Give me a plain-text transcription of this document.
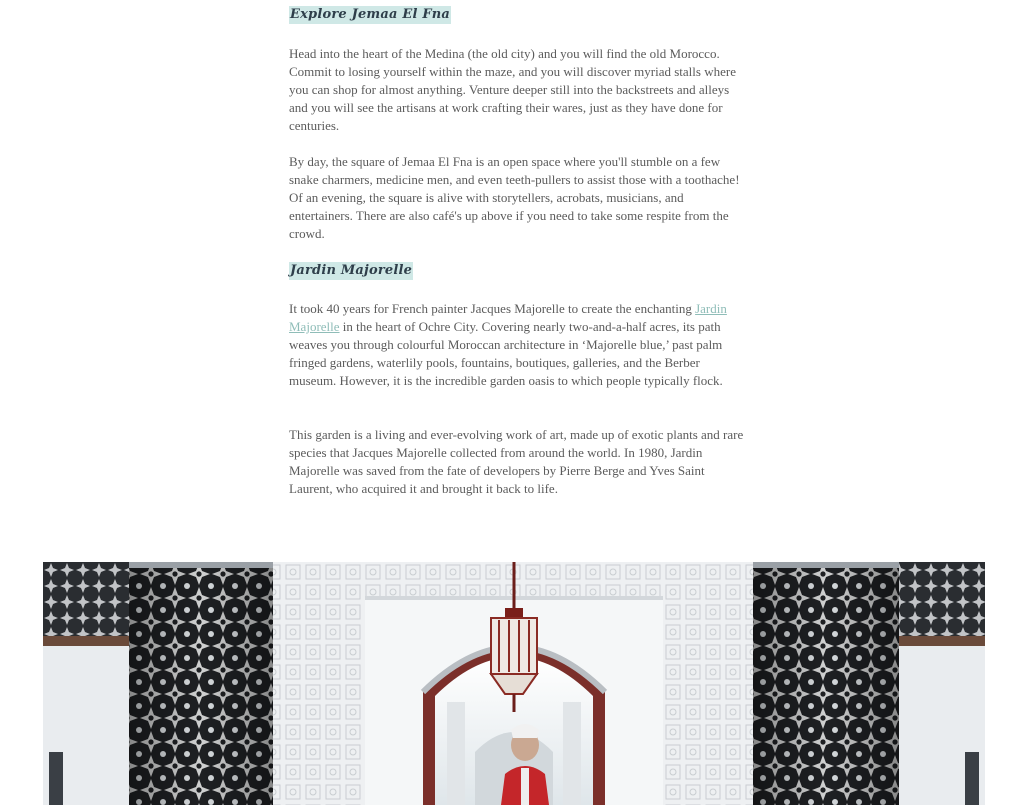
Explore Jemaa El Fna

Head into the heart of the Medina (the old city) and you will find the old Morocco. Commit to losing yourself within the maze, and you will discover myriad stalls where you can shop for almost anything. Venture deeper still into the backstreets and alleys and you will see the artisans at work crafting their wares, just as they have done for centuries.

By day, the square of Jemaa El Fna is an open space where you'll stumble on a few snake charmers, medicine men, and even teeth-pullers to assist those with a toothache! Of an evening, the square is alive with storytellers, acrobats, musicians, and entertainers. There are also café's up above if you need to take some respite from the crowd.

Jardin Majorelle

It took 40 years for French painter Jacques Majorelle to create the enchanting Jardin Majorelle in the heart of Ochre City. Covering nearly two-and-a-half acres, its path weaves you through colourful Moroccan architecture in ‘Majorelle blue,’ past palm fringed gardens, waterlily pools, fountains, boutiques, galleries, and the Berber museum. However, it is the incredible garden oasis to which people typically flock.

This garden is a living and ever-evolving work of art, made up of exotic plants and rare species that Jacques Majorelle collected from around the world. In 1980, Jardin Majorelle was saved from the fate of developers by Pierre Berge and Yves Saint Laurent, who acquired it and brought it back to life.
